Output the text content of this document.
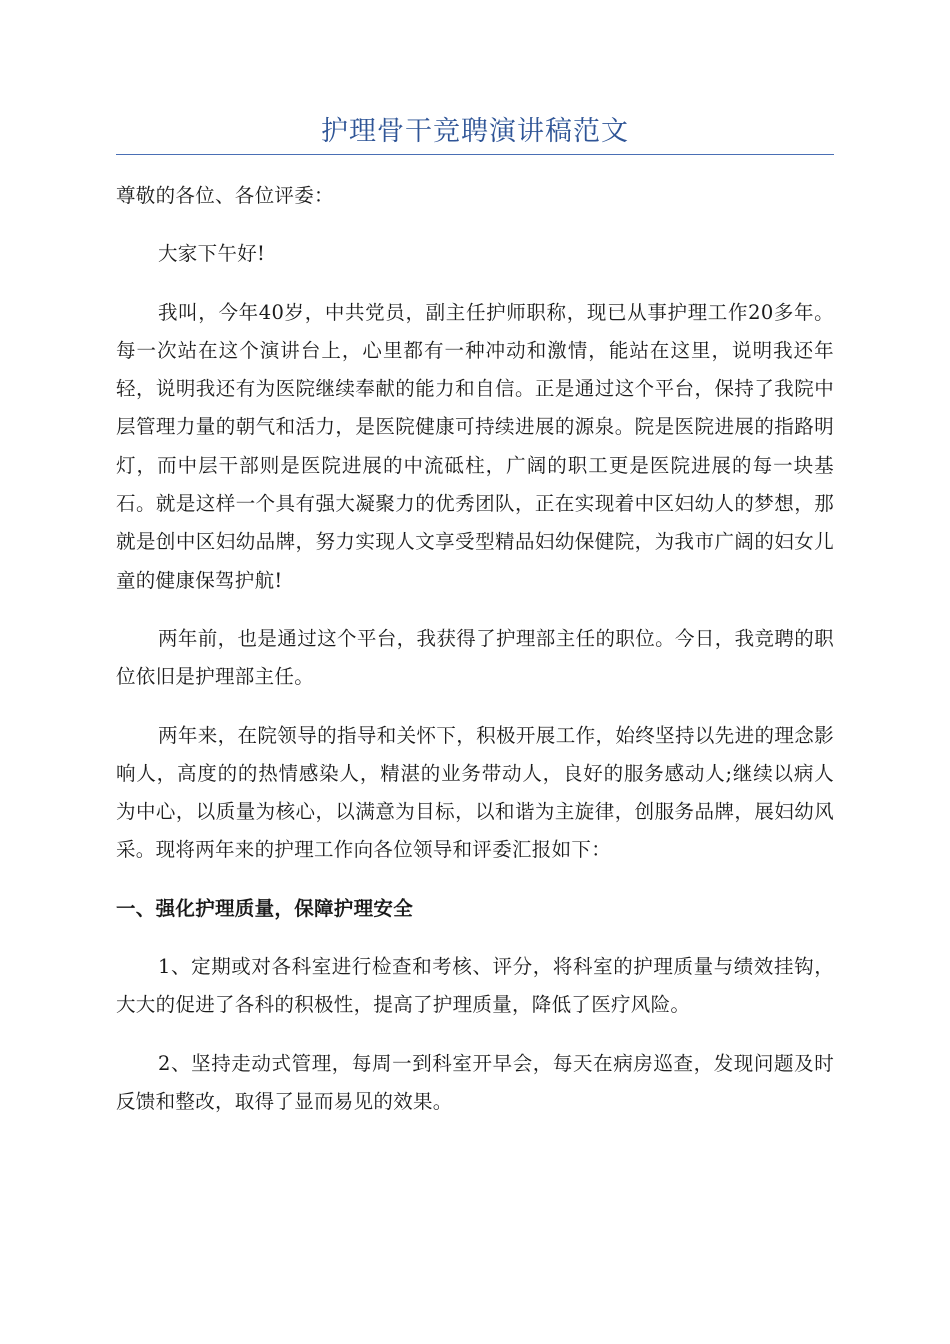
护理骨干竞聘演讲稿范文

尊敬的各位、各位评委：

大家下午好!

我叫，今年40岁，中共党员，副主任护师职称，现已从事护理工作20多年。每一次站在这个演讲台上，心里都有一种冲动和激情，能站在这里，说明我还年轻，说明我还有为医院继续奉献的能力和自信。正是通过这个平台，保持了我院中层管理力量的朝气和活力，是医院健康可持续进展的源泉。院是医院进展的指路明灯，而中层干部则是医院进展的中流砥柱，广阔的职工更是医院进展的每一块基石。就是这样一个具有强大凝聚力的优秀团队，正在实现着中区妇幼人的梦想，那就是创中区妇幼品牌，努力实现人文享受型精品妇幼保健院，为我市广阔的妇女儿童的健康保驾护航!

两年前，也是通过这个平台，我获得了护理部主任的职位。今日，我竞聘的职位依旧是护理部主任。

两年来，在院领导的指导和关怀下，积极开展工作，始终坚持以先进的理念影响人，高度的的热情感染人，精湛的业务带动人，良好的服务感动人;继续以病人为中心，以质量为核心，以满意为目标，以和谐为主旋律，创服务品牌，展妇幼风采。现将两年来的护理工作向各位领导和评委汇报如下：

一、强化护理质量，保障护理安全

1、定期或对各科室进行检查和考核、评分，将科室的护理质量与绩效挂钩，大大的促进了各科的积极性，提高了护理质量，降低了医疗风险。

2、坚持走动式管理，每周一到科室开早会，每天在病房巡查，发现问题及时反馈和整改，取得了显而易见的效果。
